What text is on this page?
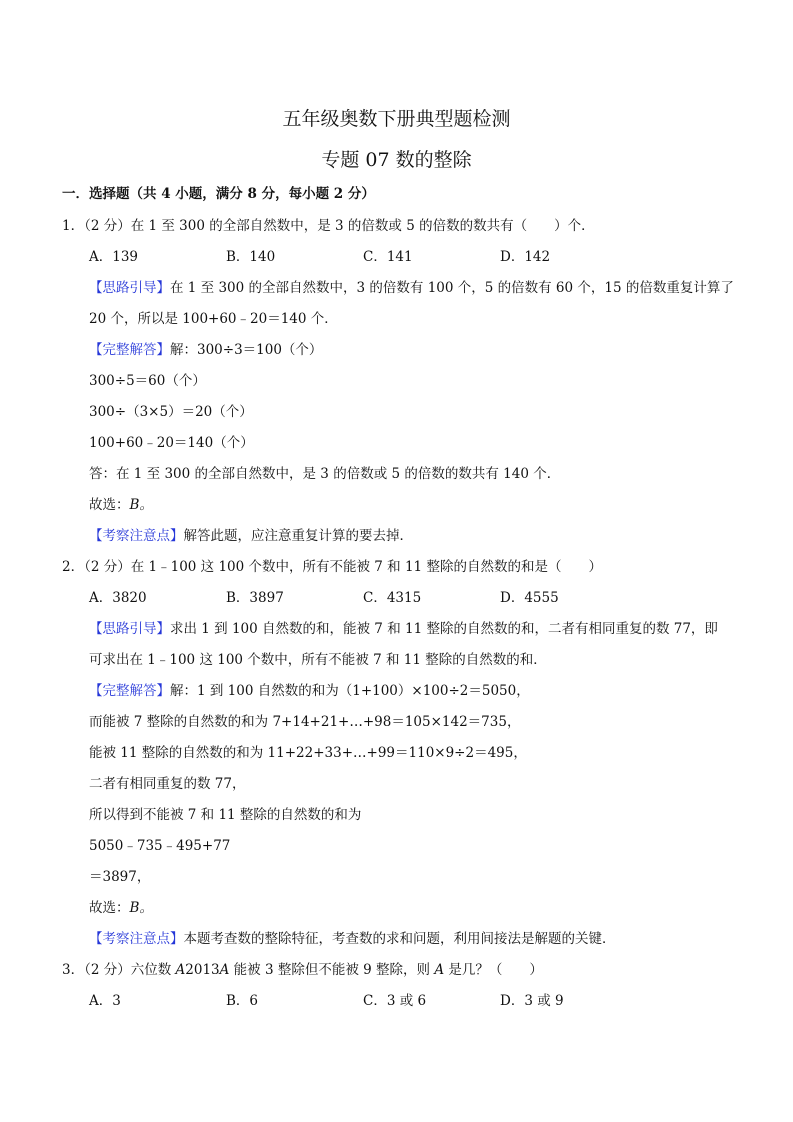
五年级奥数下册典型题检测
专题 07 数的整除
一．选择题（共 4 小题，满分 8 分，每小题 2 分）
1．（2 分）在 1 至 300 的全部自然数中，是 3 的倍数或 5 的倍数的数共有（　　）个．
A．139	B．140	C．141	D．142
【思路引导】在 1 至 300 的全部自然数中，3 的倍数有 100 个，5 的倍数有 60 个，15 的倍数重复计算了
20 个，所以是 100+60﹣20＝140 个．
【完整解答】解：300÷3＝100（个）
300÷5＝60（个）
300÷（3×5）＝20（个）
100+60﹣20＝140（个）
答：在 1 至 300 的全部自然数中，是 3 的倍数或 5 的倍数的数共有 140 个．
故选：B。
【考察注意点】解答此题，应注意重复计算的要去掉．
2．（2 分）在 1﹣100 这 100 个数中，所有不能被 7 和 11 整除的自然数的和是（　　）
A．3820	B．3897	C．4315	D．4555
【思路引导】求出 1 到 100 自然数的和，能被 7 和 11 整除的自然数的和，二者有相同重复的数 77，即
可求出在 1﹣100 这 100 个数中，所有不能被 7 和 11 整除的自然数的和．
【完整解答】解：1 到 100 自然数的和为（1+100）×100÷2＝5050，
而能被 7 整除的自然数的和为 7+14+21+…+98＝105×142＝735，
能被 11 整除的自然数的和为 11+22+33+…+99＝110×9÷2＝495，
二者有相同重复的数 77，
所以得到不能被 7 和 11 整除的自然数的和为
5050﹣735﹣495+77
＝3897，
故选：B。
【考察注意点】本题考查数的整除特征，考查数的求和问题，利用间接法是解题的关键．
3．（2 分）六位数 A2013A 能被 3 整除但不能被 9 整除，则 A 是几？（　　）
A．3	B．6	C．3 或 6	D．3 或 9
